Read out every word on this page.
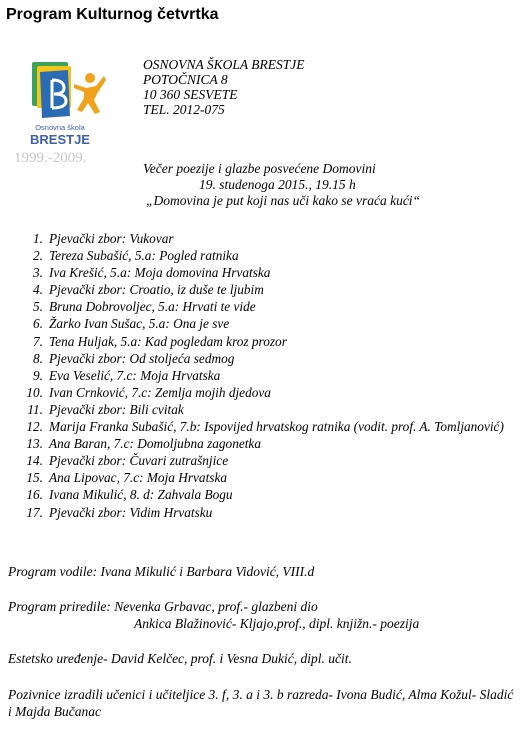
Program Kulturnog četvrtka
Osnovna škola
BRESTJE
1999.-2009.
OSNOVNA ŠKOLA BRESTJE
POTOČNICA 8
10 360 SESVETE
TEL. 2012-075
Večer poezije i glazbe posvećene Domovini
19. studenoga 2015., 19.15 h
„Domovina je put koji nas uči kako se vraća kući“
1. Pjevački zbor: Vukovar
2. Tereza Subašić, 5.a: Pogled ratnika
3. Iva Krešić, 5.a: Moja domovina Hrvatska
4. Pjevački zbor: Croatio, iz duše te ljubim
5. Bruna Dobrovoljec, 5.a: Hrvati te vide
6. Žarko Ivan Sušac, 5.a: Ona je sve
7. Tena Huljak, 5.a: Kad pogledam kroz prozor
8. Pjevački zbor: Od stoljeća sedmog
9. Eva Veselić, 7.c: Moja Hrvatska
10. Ivan Crnković, 7.c: Zemlja mojih djedova
11. Pjevački zbor: Bili cvitak
12. Marija Franka Subašić, 7.b: Ispovijed hrvatskog ratnika (vodit. prof. A. Tomljanović)
13. Ana Baran, 7.c: Domoljubna zagonetka
14. Pjevački zbor: Čuvari zutrašnjice
15. Ana Lipovac, 7.c: Moja Hrvatska
16. Ivana Mikulić, 8. d: Zahvala Bogu
17. Pjevački zbor: Vidim Hrvatsku
Program vodile: Ivana Mikulić i Barbara Vidović, VIII.d
Program priredile: Nevenka Grbavac, prof.- glazbeni dio
Ankica Blažinović- Kljajo,prof., dipl. knjižn.- poezija
Estetsko uređenje- David Kelčec, prof. i Vesna Dukić, dipl. učit.
Pozivnice izradili učenici i učiteljice 3. f, 3. a i 3. b razreda- Ivona Budić, Alma Kožul- Sladić i Majda Bučanac
